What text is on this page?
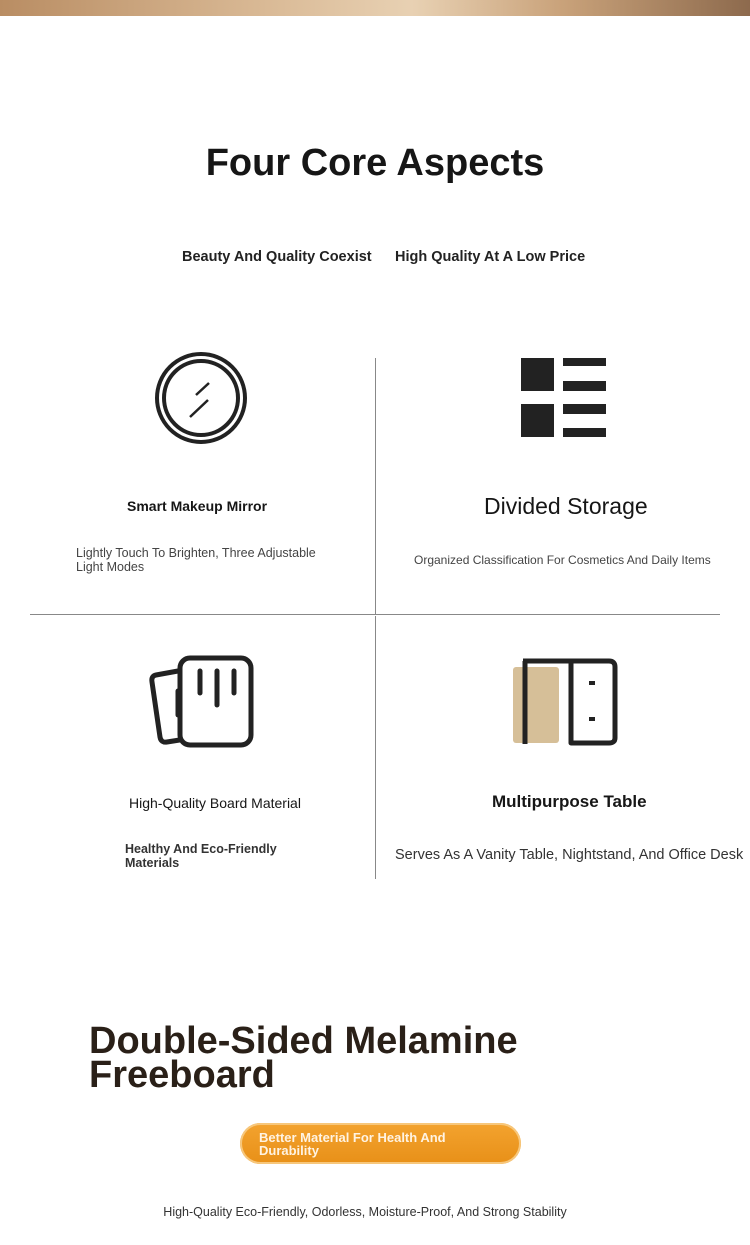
Four Core Aspects
Beauty And Quality Coexist High Quality At A Low Price
Smart Makeup Mirror
Lightly Touch To Brighten, Three Adjustable Light Modes
Divided Storage
Organized Classification For Cosmetics And Daily Items
High-Quality Board Material
Healthy And Eco-Friendly Materials
Multipurpose Table
Serves As A Vanity Table, Nightstand, And Office Desk
Double-Sided Melamine Freeboard
Better Material For Health And Durability
High-Quality Eco-Friendly, Odorless, Moisture-Proof, And Strong Stability
